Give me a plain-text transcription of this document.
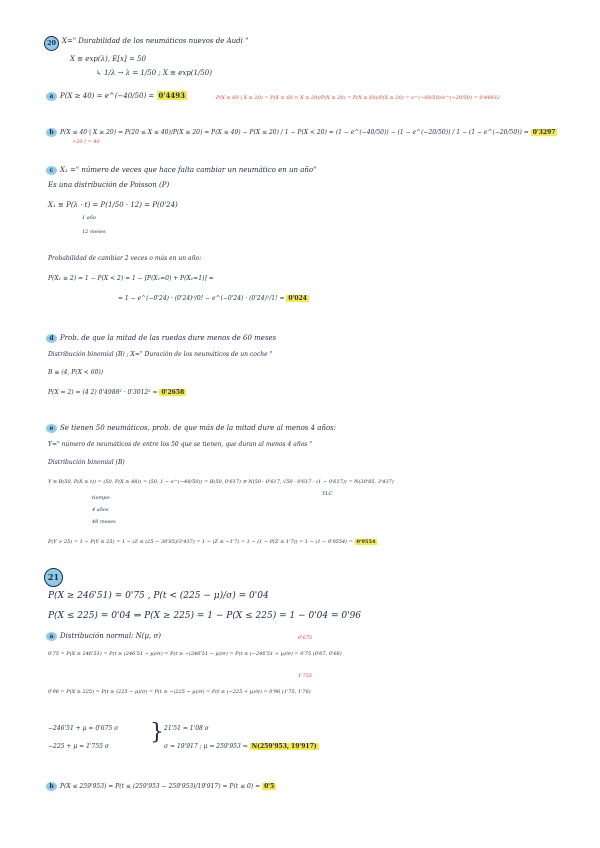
20 X=" Durabilidad de los neumáticos nuevos de Audi "
X ≡ exp(λ), E[x] = 50
↳ 1/λ → λ = 1/50 ; X ≡ exp(1/50)
a P(X ≥ 40) = e^(−40/50) = 0'4493	P(X ≥ 60 | X ≥ 20) = P(X ≥ 60 ∩ X ≥ 20)/P(X ≥ 20) = P(X ≥ 60)/P(X ≥ 20) = e^(−60/50)/e^(−20/50) = 0'44932
b P(X ≤ 40 | X ≥ 20) = P(20 ≤ X ≤ 40)/P(X ≥ 20) = P(X ≤ 40) − P(X ≤ 20) / 1 − P(X < 20) = (1 − e^(−40/50)) − (1 − e^(−20/50)) / 1 − (1 − e^(−20/50)) = 0'3297
+20 / = 40
c X₁ =" número de veces que hace falta cambiar un neumático en un año"
Es una distribución de Poisson (P)
X₁ ≡ P(λ · t) = P(1/50 · 12) = P(0'24)
1 año
12 meses
Probabilidad de cambiar 2 veces o más en un año:
P(X₁ ≥ 2) = 1 − P(X < 2) = 1 − [P(X₁=0) + P(X₁=1)] =
= 1 − e^(−0'24) · (0'24)⁰/0! − e^(−0'24) · (0'24)¹/1! = 0'024
d Prob. de que la mitad de las ruedas dure menos de 60 meses
Distribución binomial (B) ; X=" Duración de los neumáticos de un coche "
B ≡ (4, P(X < 60))
P(X = 2) = (4 2) 0'4988² · 0'3012² = 0'2658
e Se tienen 50 neumáticos, prob. de que más de la mitad dure al menos 4 años:
Y=" número de neumáticos de entre los 50 que se tienen, que duran al menos 4 años "
Distribución binomial (B)
Y ≡ B(50, P(X ≥ t)) = (50, P(X ≥ 48)) = (50, 1 − e^(−48/50)) = B(50, 0'617) ≅ N(50 · 0'617, √50 · 0'617 · (1 − 0'617)) = N(30'85, 3'437)
TLC
tiempo
4 años
48 meses
P(Y > 25) = 1 − P(Y ≤ 25) = 1 − (Z ≤ (25 − 30'85)/3'437) = 1 − (Z ≤ −1'7) = 1 − (1 − P(Z ≤ 1'7)) = 1 − (1 − 0'9554) = 0'9554
21
P(X ≥ 246'51) = 0'75 , P(t < (225 − μ)/σ) = 0'04
P(X ≤ 225) = 0'04 ⇒ P(X ≥ 225) = 1 − P(X ≤ 225) = 1 − 0'04 = 0'96
a Distribución normal: N(μ, σ)	0'675
0'75 = P(X ≥ 246'51) = P(t ≥ (246'51 − μ)/σ) = P(t ≥ −(246'51 − μ)/σ) = P(t ≤ (−246'51 + μ)/σ) = 0'75 (0'67, 0'68)
1'755
0'96 = P(X ≥ 225) = P(t ≥ (225 − μ)/σ) = P(t ≥ −(225 − μ)/σ) = P(t ≤ (−225 + μ)/σ) = 0'96 (1'75, 1'76)
−246'51 + μ = 0'675 σ
−225 + μ = 1'755 σ
} 21'51 = 1'08 σ
σ = 19'917 ; μ = 259'953 ⇒ N(259'953, 19'917)
b P(X ≤ 259'953) = P(t ≤ (259'953 − 259'953)/19'917) = P(t ≤ 0) = 0'5
